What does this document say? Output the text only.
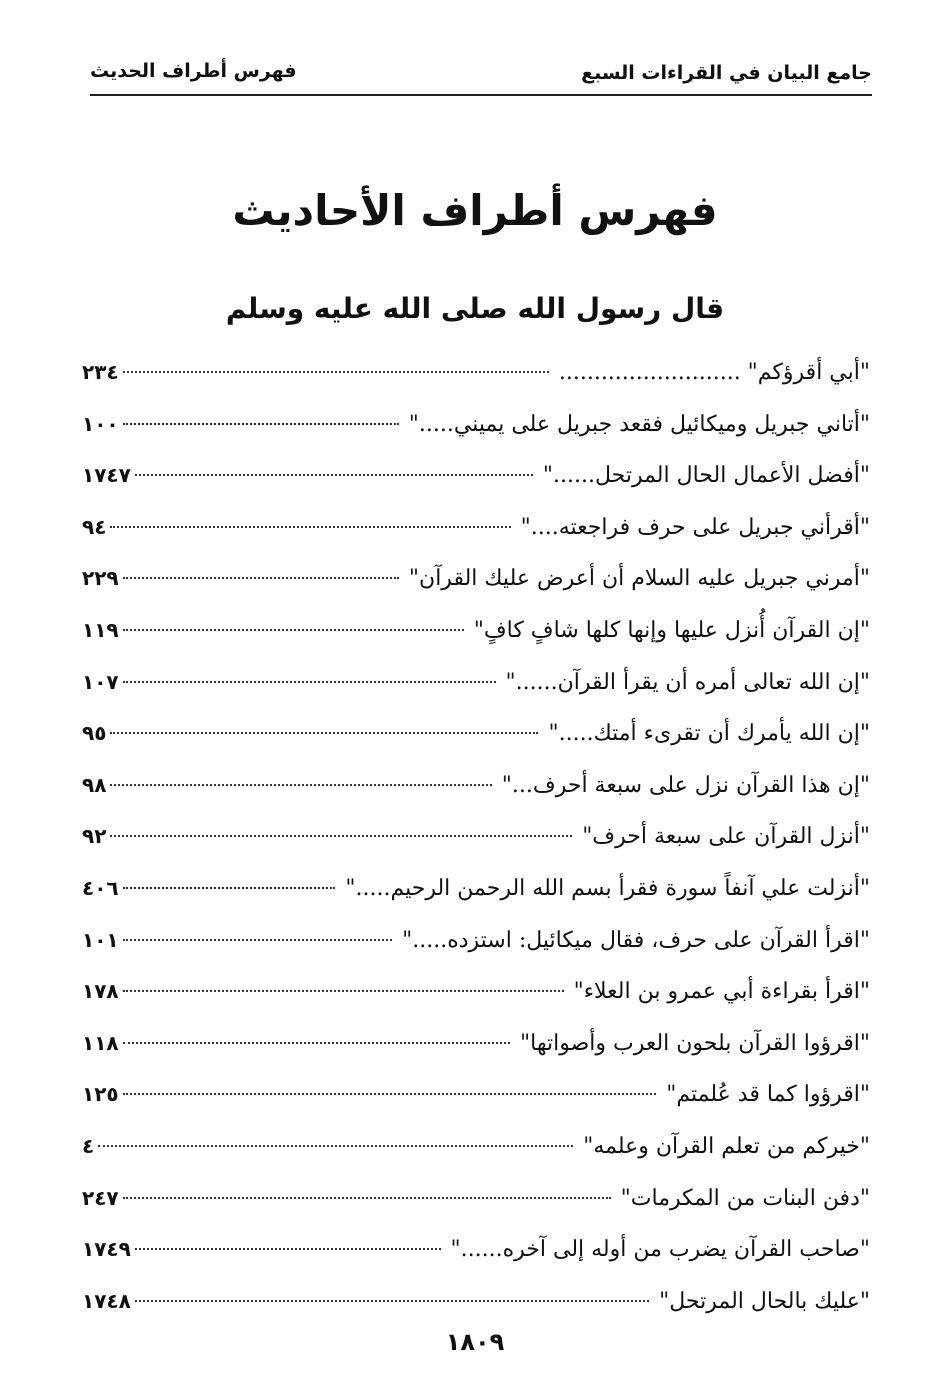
جامع البيان في القراءات السبع
فهرس أطراف الحديث
فهرس أطراف الأحاديث
قال رسول الله صلى الله عليه وسلم
"أبي أقرؤكم" ..........................
٢٣٤
"أتاني جبريل وميكائيل فقعد جبريل على يميني....."
١٠٠
"أفضل الأعمال الحال المرتحل......"
١٧٤٧
"أقرأني جبريل على حرف فراجعته...."
٩٤
"أمرني جبريل عليه السلام أن أعرض عليك القرآن"
٢٢٩
"إن القرآن أُنزل عليها وإنها كلها شافٍ كافٍ"
١١٩
"إن الله تعالى أمره أن يقرأ القرآن......"
١٠٧
"إن الله يأمرك أن تقرىء أمتك....."
٩٥
"إن هذا القرآن نزل على سبعة أحرف..."
٩٨
"أنزل القرآن على سبعة أحرف"
٩٢
"أنزلت علي آنفاً سورة فقرأ بسم الله الرحمن الرحيم....."
٤٠٦
"اقرأ القرآن على حرف، فقال ميكائيل: استزده....."
١٠١
"اقرأ بقراءة أبي عمرو بن العلاء"
١٧٨
"اقرؤوا القرآن بلحون العرب وأصواتها"
١١٨
"اقرؤوا كما قد عُلمتم"
١٢٥
"خيركم من تعلم القرآن وعلمه"
٤
"دفن البنات من المكرمات"
٢٤٧
"صاحب القرآن يضرب من أوله إلى آخره......"
١٧٤٩
"عليك بالحال المرتحل"
١٧٤٨
١٨٠٩
